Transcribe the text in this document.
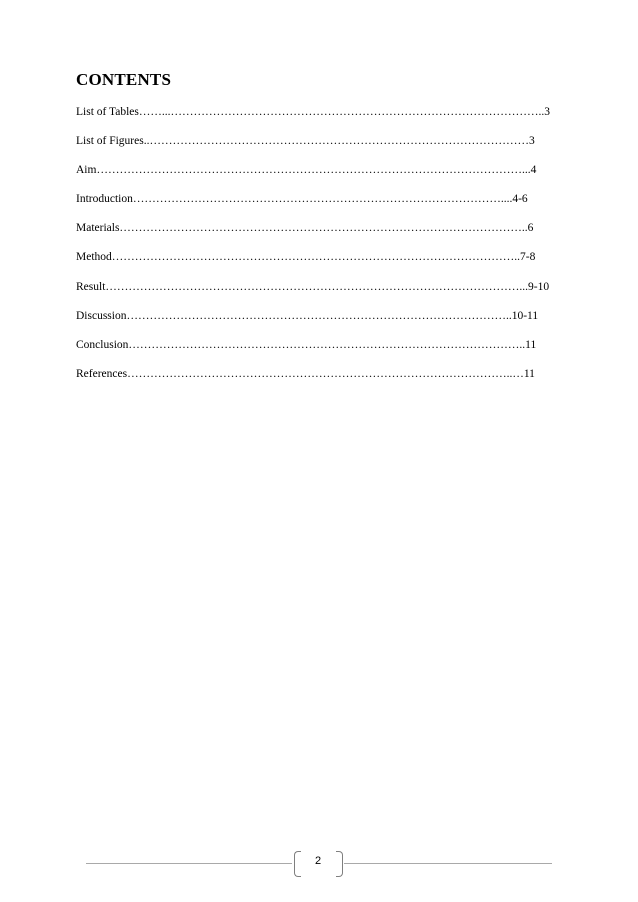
CONTENTS
List of Tables……...……………………………………………………………………………………..3
List of Figures..………………………………………………………………………………………3
Aim…………………………………………………………………………………………………...4
Introduction……………………………………………………………………………………....4-6
Materials……………………………………………………………………………………………..6
Method……………………………………………………………………………………………..7-8
Result………………………………………………………………………………………………...9-10
Discussion………………………………………………………………………………………..10-11
Conclusion…………………………………………………………………………………………..11
References………………………………………………………………………………………..…11
2
